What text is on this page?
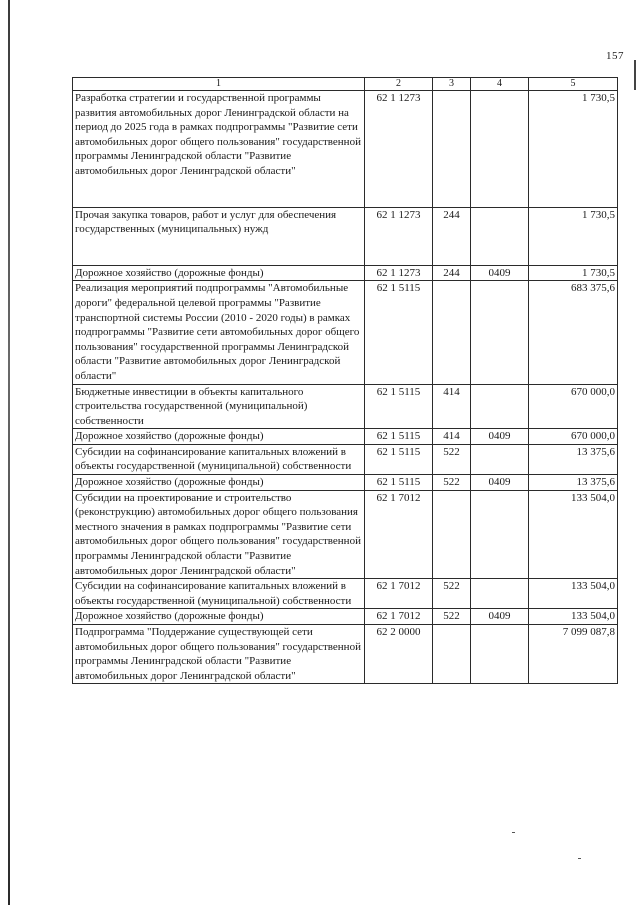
157
1	2	3	4	5
Разработка стратегии и государственной программы развития автомобильных дорог Ленинградской области на период до 2025 года в рамках подпрограммы "Развитие сети автомобильных дорог общего пользования" государственной программы Ленинградской области "Развитие автомобильных дорог Ленинградской области"	62 1 1273			1 730,5
Прочая закупка товаров, работ и услуг для обеспечения государственных (муниципальных) нужд	62 1 1273	244		1 730,5
Дорожное хозяйство (дорожные фонды)	62 1 1273	244	0409	1 730,5
Реализация мероприятий подпрограммы "Автомобильные дороги" федеральной целевой программы "Развитие транспортной системы России (2010 - 2020 годы) в рамках подпрограммы "Развитие сети автомобильных дорог общего пользования" государственной программы Ленинградской области "Развитие автомобильных дорог Ленинградской области"	62 1 5115			683 375,6
Бюджетные инвестиции в объекты капитального строительства государственной (муниципальной) собственности	62 1 5115	414		670 000,0
Дорожное хозяйство (дорожные фонды)	62 1 5115	414	0409	670 000,0
Субсидии на софинансирование капитальных вложений в объекты государственной (муниципальной) собственности	62 1 5115	522		13 375,6
Дорожное хозяйство (дорожные фонды)	62 1 5115	522	0409	13 375,6
Субсидии на проектирование и строительство (реконструкцию) автомобильных дорог общего пользования местного значения в рамках подпрограммы "Развитие сети автомобильных дорог общего пользования" государственной программы Ленинградской области "Развитие автомобильных дорог Ленинградской области"	62 1 7012			133 504,0
Субсидии на софинансирование капитальных вложений в объекты государственной (муниципальной) собственности	62 1 7012	522		133 504,0
Дорожное хозяйство (дорожные фонды)	62 1 7012	522	0409	133 504,0
Подпрограмма "Поддержание существующей сети автомобильных дорог общего пользования" государственной программы Ленинградской области "Развитие автомобильных дорог Ленинградской области"	62 2 0000			7 099 087,8
